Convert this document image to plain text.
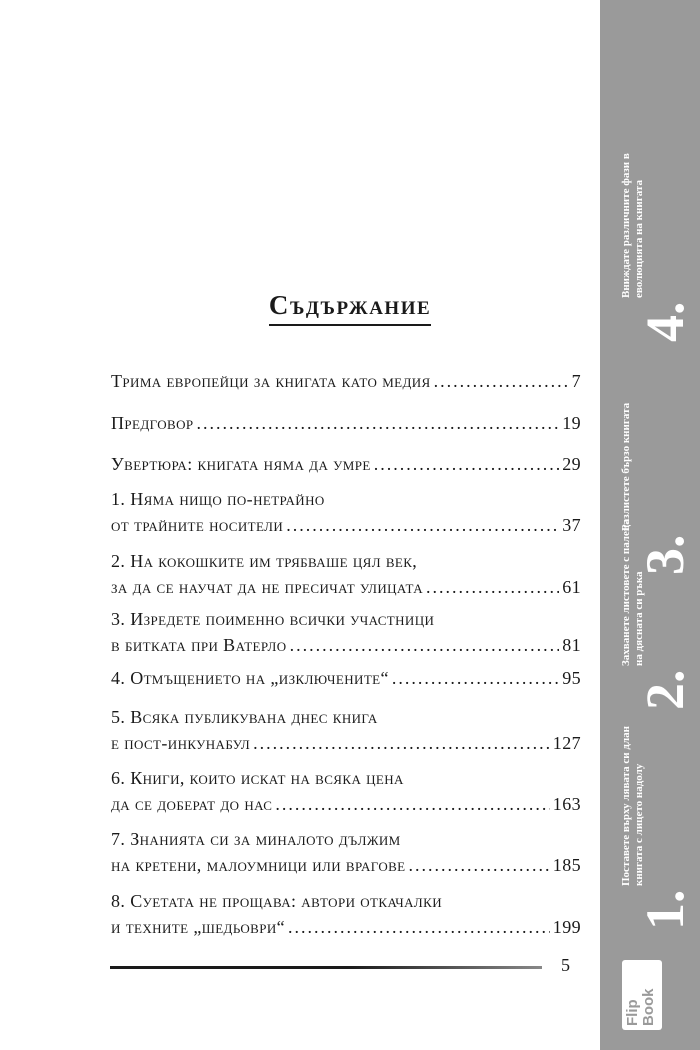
Съдържание
Трима европейци за книгата като медия .....	7
Предговор .....	19
Увертюра: книгата няма да умре .....	29
1. Няма нищо по-нетрайно
от трайните носители .....	37
2. На кокошките им трябваше цял век,
за да се научат да не пресичат улицата .....	61
3. Изредете поименно всички участници
в битката при Ватерло .....	81
4. Отмъщението на „изключените“ .....	95
5. Всяка публикувана днес книга
е пост-инкунабул .....	127
6. Книги, които искат на всяка цена
да се доберат до нас .....	163
7. Знанията си за миналото дължим
на кретени, малоумници или врагове .....	185
8. Суетата не прощава: автори откачалки
и техните „шедьоври“ .....	199
5
4.
Вниждате различните фази в еволюцията на книгата
3.
Разлистете бързо книгата
2.
Захванете листовете с палеца на дясната си ръка
1.
Поставете върху лявата си длан книгата с лицето надолу
Flip Book
